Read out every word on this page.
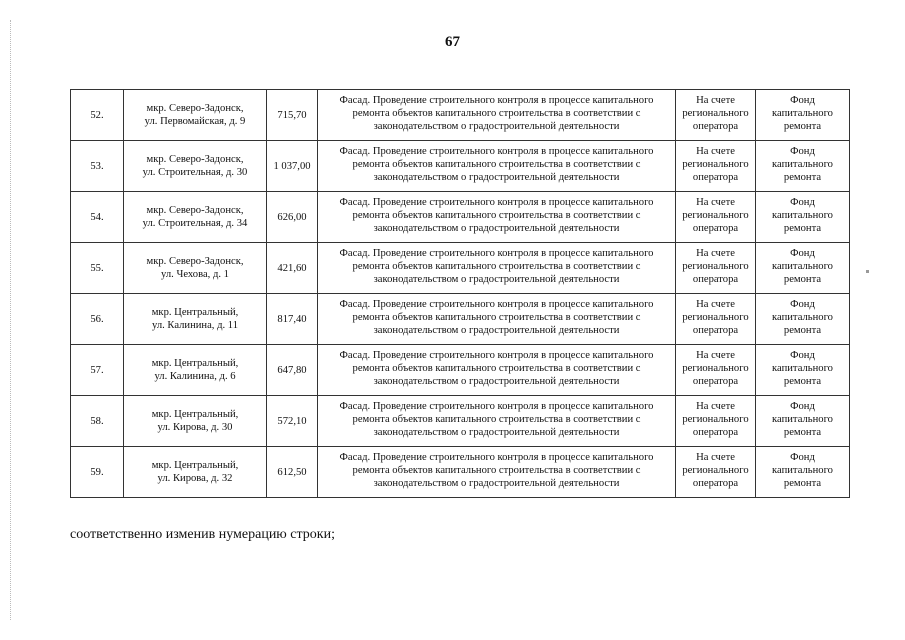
67
52.	мкр. Северо-Задонск,
ул. Первомайская, д. 9	715,70	Фасад. Проведение строительного контроля в процессе капитального
ремонта объектов капитального строительства в соответствии с
законодательством о градостроительной деятельности	На счете
регионального
оператора	Фонд
капитального
ремонта

53.	мкр. Северо-Задонск,
ул. Строительная, д. 30	1 037,00	Фасад. Проведение строительного контроля в процессе капитального
ремонта объектов капитального строительства в соответствии с
законодательством о градостроительной деятельности	На счете
регионального
оператора	Фонд
капитального
ремонта

54.	мкр. Северо-Задонск,
ул. Строительная, д. 34	626,00	Фасад. Проведение строительного контроля в процессе капитального
ремонта объектов капитального строительства в соответствии с
законодательством о градостроительной деятельности	На счете
регионального
оператора	Фонд
капитального
ремонта

55.	мкр. Северо-Задонск,
ул. Чехова, д. 1	421,60	Фасад. Проведение строительного контроля в процессе капитального
ремонта объектов капитального строительства в соответствии с
законодательством о градостроительной деятельности	На счете
регионального
оператора	Фонд
капитального
ремонта

56.	мкр. Центральный,
ул. Калинина, д. 11	817,40	Фасад. Проведение строительного контроля в процессе капитального
ремонта объектов капитального строительства в соответствии с
законодательством о градостроительной деятельности	На счете
регионального
оператора	Фонд
капитального
ремонта

57.	мкр. Центральный,
ул. Калинина, д. 6	647,80	Фасад. Проведение строительного контроля в процессе капитального
ремонта объектов капитального строительства в соответствии с
законодательством о градостроительной деятельности	На счете
регионального
оператора	Фонд
капитального
ремонта

58.	мкр. Центральный,
ул. Кирова, д. 30	572,10	Фасад. Проведение строительного контроля в процессе капитального
ремонта объектов капитального строительства в соответствии с
законодательством о градостроительной деятельности	На счете
регионального
оператора	Фонд
капитального
ремонта

59.	мкр. Центральный,
ул. Кирова, д. 32	612,50	Фасад. Проведение строительного контроля в процессе капитального
ремонта объектов капитального строительства в соответствии с
законодательством о градостроительной деятельности	На счете
регионального
оператора	Фонд
капитального
ремонта
соответственно изменив нумерацию строки;
